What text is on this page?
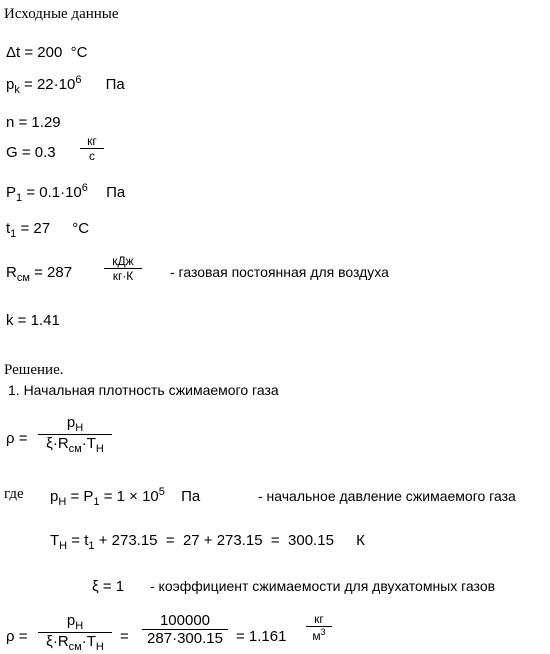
Исходные данные
Δt = 200 °C
$p_k = 22\cdot 10^6$ Па
n = 1.29
G = 0.3
кг
с
$P_1 = 0.1\cdot 10^6$ Па
$t_1 = 27$ °C
$R_{см} = 287$
кДж
кг·К	- газовая постоянная для воздуха
k = 1.41
Решение.
1. Начальная плотность сжимаемого газа
ρ =
$p_Н$
$\xi\cdot R_{см}\cdot T_Н$
где $p_Н = P_1 = 1 \times 10^5$ Па	- начальное давление сжимаемого газа
$T_Н = t_1 + 273.15 = 27 + 273.15 = 300.15$ К
ξ = 1 - коэффициент сжимаемости для двухатомных газов
ρ =
$p_Н$
$\xi\cdot R_{см}\cdot T_Н$
=
100000
287·300.15 = 1.161
кг
$м^3$
